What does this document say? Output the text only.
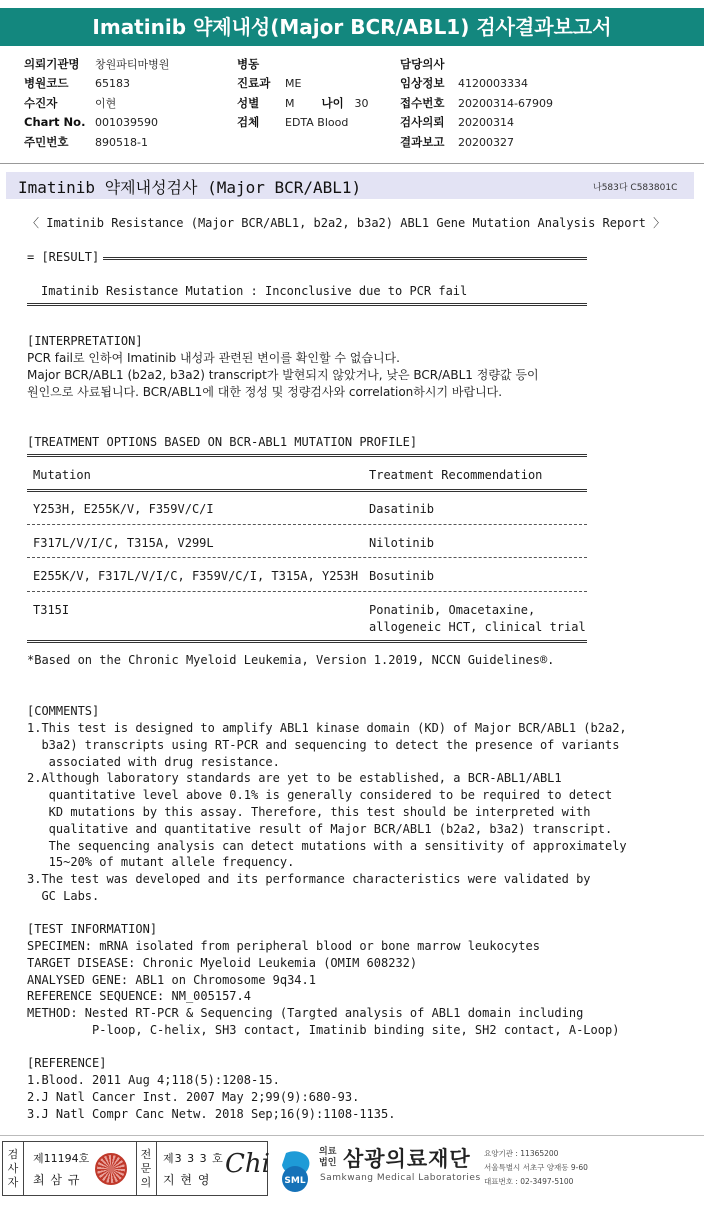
Imatinib 약제내성(Major BCR/ABL1) 검사결과보고서
의뢰기관명	창원파티마병원
병원코드	65183
수진자	이현
Chart No. 001039590
주민번호	890518-1
병동
진료과	ME
성별	M 나이 30
검체	EDTA Blood
담당의사
임상정보	4120003334
접수번호	20200314-67909
검사의뢰	20200314
결과보고	20200327
Imatinib 약제내성검사 (Major BCR/ABL1)	나583다 C583801C
〈 Imatinib Resistance (Major BCR/ABL1, b2a2, b3a2) ABL1 Gene Mutation Analysis Report 〉
= [RESULT]
Imatinib Resistance Mutation : Inconclusive due to PCR fail
[INTERPRETATION]
PCR fail로 인하여 Imatinib 내성과 관련된 변이를 확인할 수 없습니다.
Major BCR/ABL1 (b2a2, b3a2) transcript가 발현되지 않았거나, 낮은 BCR/ABL1 정량값 등이
원인으로 사료됩니다. BCR/ABL1에 대한 정성 및 정량검사와 correlation하시기 바랍니다.
[TREATMENT OPTIONS BASED ON BCR-ABL1 MUTATION PROFILE]
Mutation	Treatment Recommendation
Y253H, E255K/V, F359V/C/I	Dasatinib
F317L/V/I/C, T315A, V299L	Nilotinib
E255K/V, F317L/V/I/C, F359V/C/I, T315A, Y253H Bosutinib
T315I	Ponatinib, Omacetaxine,
allogeneic HCT, clinical trial
*Based on the Chronic Myeloid Leukemia, Version 1.2019, NCCN Guidelines®.
[COMMENTS]
1.This test is designed to amplify ABL1 kinase domain (KD) of Major BCR/ABL1 (b2a2,
b3a2) transcripts using RT-PCR and sequencing to detect the presence of variants
associated with drug resistance.
2.Although laboratory standards are yet to be established, a BCR-ABL1/ABL1
quantitative level above 0.1% is generally considered to be required to detect
KD mutations by this assay. Therefore, this test should be interpreted with
qualitative and quantitative result of Major BCR/ABL1 (b2a2, b3a2) transcript.
The sequencing analysis can detect mutations with a sensitivity of approximately
15~20% of mutant allele frequency.
3.The test was developed and its performance characteristics were validated by
GC Labs.
[TEST INFORMATION]
SPECIMEN: mRNA isolated from peripheral blood or bone marrow leukocytes
TARGET DISEASE: Chronic Myeloid Leukemia (OMIM 608232)
ANALYSED GENE: ABL1 on Chromosome 9q34.1
REFERENCE SEQUENCE: NM_005157.4
METHOD: Nested RT-PCR & Sequencing (Targted analysis of ABL1 domain including
P-loop, C-helix, SH3 contact, Imatinib binding site, SH2 contact, A-Loop)
[REFERENCE]
1.Blood. 2011 Aug 4;118(5):1208-15.
2.J Natl Cancer Inst. 2007 May 2;99(9):680-93.
3.J Natl Compr Canc Netw. 2018 Sep;16(9):1108-1135.
검사자
제11194호
최 삼 규
전문의
제3 3 3 호
지 현 영
Chi
SML
의료
법인 삼광의료재단
Samkwang Medical Laboratories
요양기관 : 11365200
서울특별시 서초구 양재동 9-60
대표번호 : 02-3497-5100
